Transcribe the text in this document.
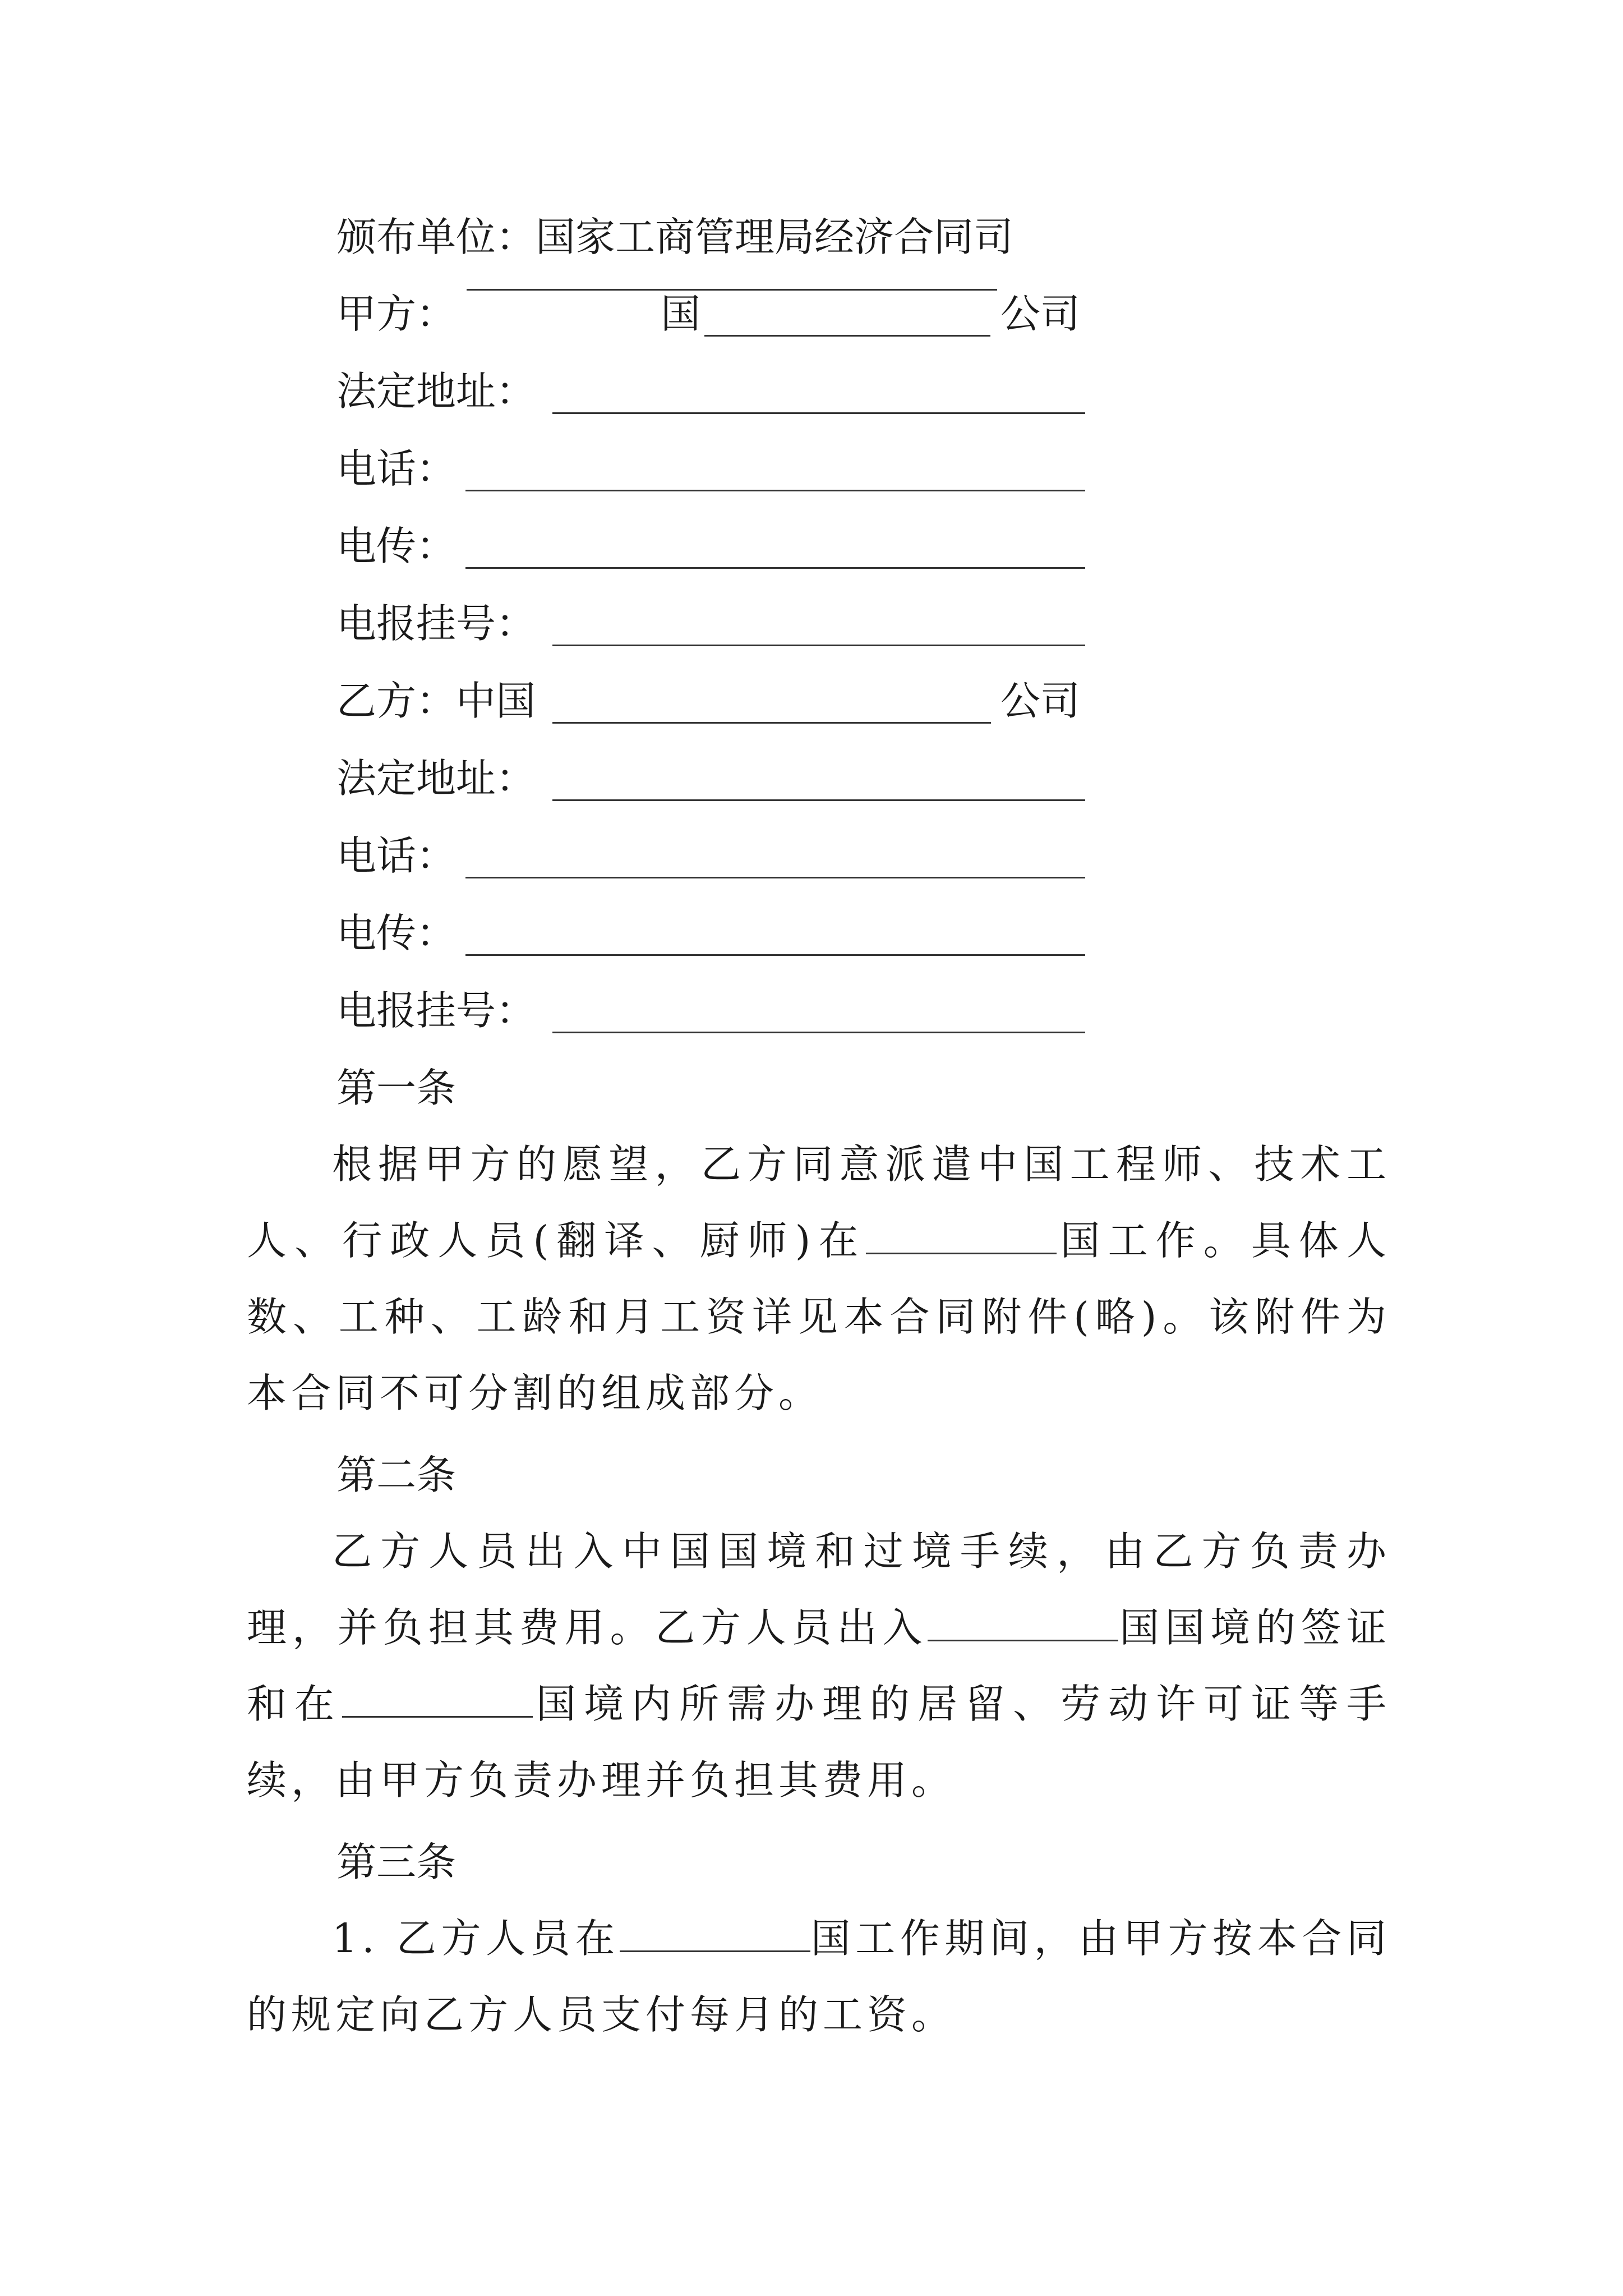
颁布单位：国家工商管理局经济合同司
甲方：	国	公司
法定地址：
电话：
电传：
电报挂号：
乙方：中国	公司
法定地址：
电话：
电传：
电报挂号：
第一条

根据甲方的愿望，乙方同意派遣中国工程师、技术工人、行政人员(翻译、厨师)在	国工作。具体人数、工种、工龄和月工资详见本合同附件(略)。该附件为本合同不可分割的组成部分。

第二条

乙方人员出入中国国境和过境手续，由乙方负责办理，并负担其费用。乙方人员出入	国国境的签证和在	国境内所需办理的居留、劳动许可证等手续，由甲方负责办理并负担其费用。

第三条

1. 乙方人员在	国工作期间，由甲方按本合同的规定向乙方人员支付每月的工资。
